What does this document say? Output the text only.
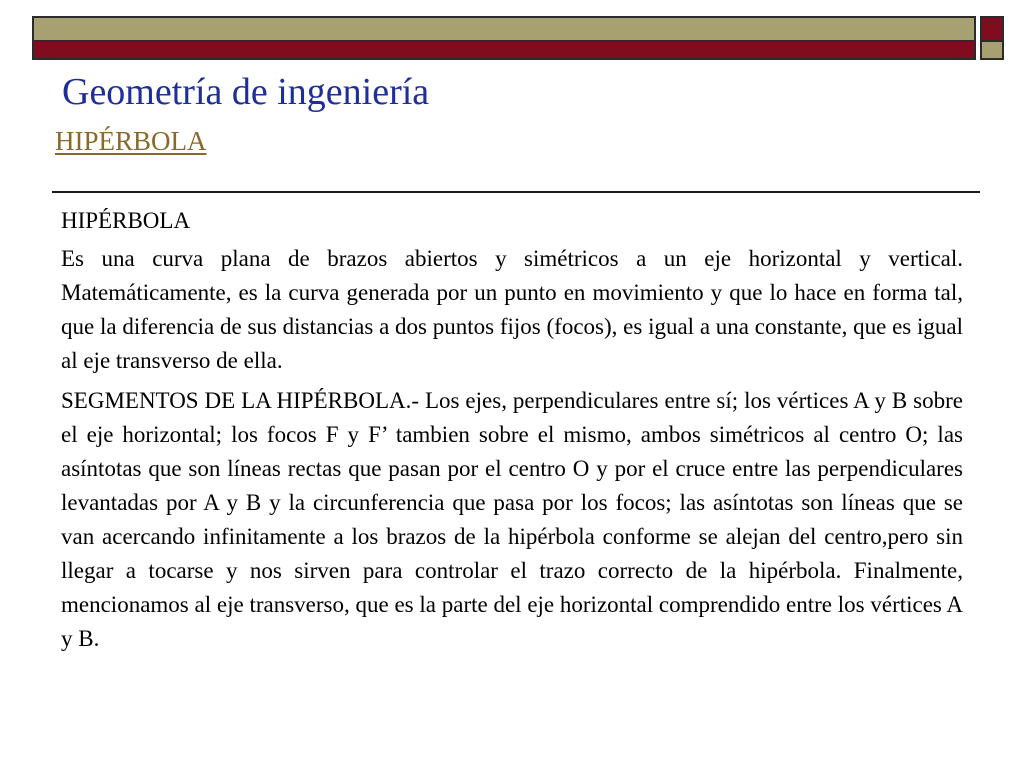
Geometría de ingeniería
HIPÉRBOLA

HIPÉRBOLA

Es una curva plana de brazos abiertos y simétricos a un eje horizontal y vertical. Matemáticamente, es la curva generada por un punto en movimiento y que lo hace en forma tal, que la diferencia de sus distancias a dos puntos fijos (focos), es igual a una constante, que es igual al eje transverso de ella.

SEGMENTOS DE LA HIPÉRBOLA.- Los ejes, perpendiculares entre sí; los vértices A y B sobre el eje horizontal; los focos F y F’ tambien sobre el mismo, ambos simétricos al centro O; las asíntotas que son líneas rectas que pasan por el centro O y por el cruce entre las perpendiculares levantadas por A y B y la circunferencia que pasa por los focos; las asíntotas son líneas que se van acercando infinitamente a los brazos de la hipérbola conforme se alejan del centro,pero sin llegar a tocarse y nos sirven para controlar el trazo correcto de la hipérbola. Finalmente, mencionamos al eje transverso, que es la parte del eje horizontal comprendido entre los vértices A y B.
